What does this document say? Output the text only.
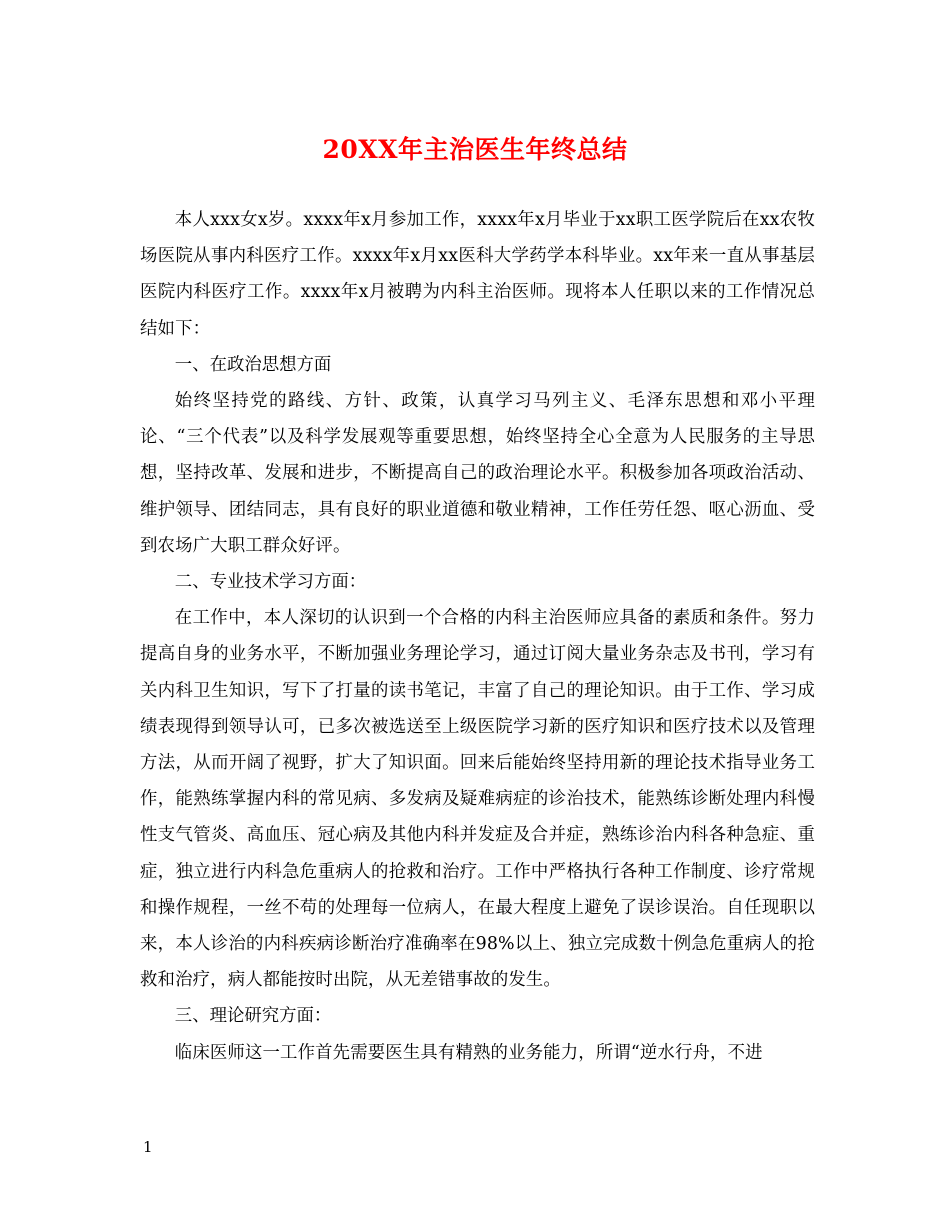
20XX年主治医生年终总结

本人xxx女x岁。xxxx年x月参加工作，xxxx年x月毕业于xx职工医学院后在xx农牧场医院从事内科医疗工作。xxxx年x月xx医科大学药学本科毕业。xx年来一直从事基层医院内科医疗工作。xxxx年x月被聘为内科主治医师。现将本人任职以来的工作情况总结如下：

一、在政治思想方面

始终坚持党的路线、方针、政策，认真学习马列主义、毛泽东思想和邓小平理论、“三个代表”以及科学发展观等重要思想，始终坚持全心全意为人民服务的主导思想，坚持改革、发展和进步，不断提高自己的政治理论水平。积极参加各项政治活动、维护领导、团结同志，具有良好的职业道德和敬业精神，工作任劳任怨、呕心沥血、受到农场广大职工群众好评。

二、专业技术学习方面：

在工作中，本人深切的认识到一个合格的内科主治医师应具备的素质和条件。努力提高自身的业务水平，不断加强业务理论学习，通过订阅大量业务杂志及书刊，学习有关内科卫生知识，写下了打量的读书笔记，丰富了自己的理论知识。由于工作、学习成绩表现得到领导认可，已多次被选送至上级医院学习新的医疗知识和医疗技术以及管理方法，从而开阔了视野，扩大了知识面。回来后能始终坚持用新的理论技术指导业务工作，能熟练掌握内科的常见病、多发病及疑难病症的诊治技术，能熟练诊断处理内科慢性支气管炎、高血压、冠心病及其他内科并发症及合并症，熟练诊治内科各种急症、重症，独立进行内科急危重病人的抢救和治疗。工作中严格执行各种工作制度、诊疗常规和操作规程，一丝不苟的处理每一位病人，在最大程度上避免了误诊误治。自任现职以来，本人诊治的内科疾病诊断治疗准确率在98%以上、独立完成数十例急危重病人的抢救和治疗，病人都能按时出院，从无差错事故的发生。

三、理论研究方面：

临床医师这一工作首先需要医生具有精熟的业务能力，所谓“逆水行舟，不进

1
